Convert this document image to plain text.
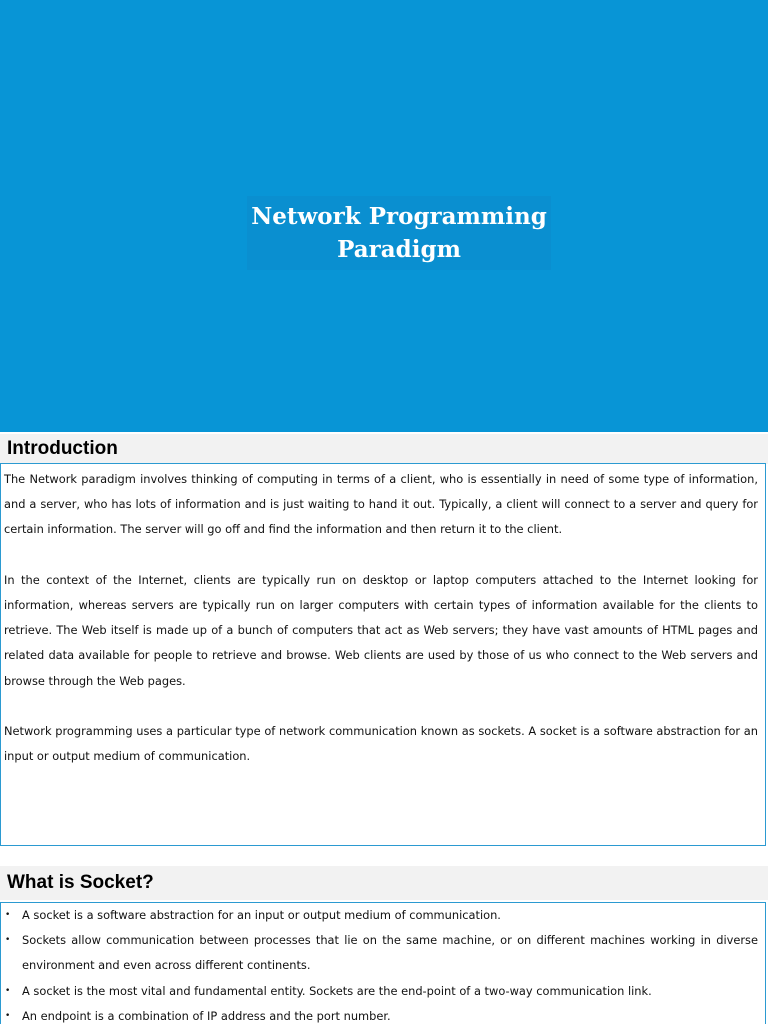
Network Programming
Paradigm
Introduction

The Network paradigm involves thinking of computing in terms of a client, who is essentially in need of some type of information, and a server, who has lots of information and is just waiting to hand it out. Typically, a client will connect to a server and query for certain information. The server will go off and find the information and then return it to the client.

In the context of the Internet, clients are typically run on desktop or laptop computers attached to the Internet looking for information, whereas servers are typically run on larger computers with certain types of information available for the clients to retrieve. The Web itself is made up of a bunch of computers that act as Web servers; they have vast amounts of HTML pages and related data available for people to retrieve and browse. Web clients are used by those of us who connect to the Web servers and browse through the Web pages.

Network programming uses a particular type of network communication known as sockets. A socket is a software abstraction for an input or output medium of communication.

What is Socket?
• A socket is a software abstraction for an input or output medium of communication.
• Sockets allow communication between processes that lie on the same machine, or on different machines working in diverse environment and even across different continents.
• A socket is the most vital and fundamental entity. Sockets are the end-point of a two-way communication link.
• An endpoint is a combination of IP address and the port number.
